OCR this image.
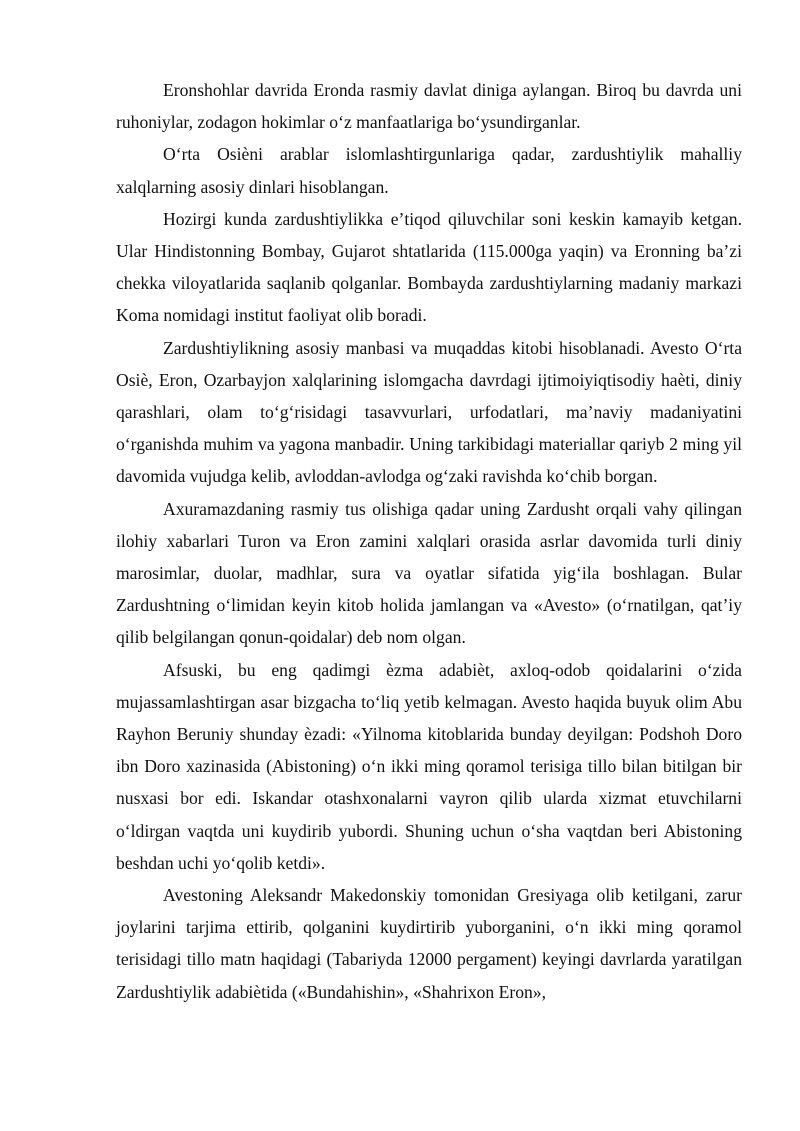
Eronshohlar davrida Eronda rasmiy davlat diniga aylangan. Biroq bu davrda uni ruhoniylar, zodagon hokimlar oʻz manfaatlariga boʻysundirganlar.

Oʻrta Osièni arablar islomlashtirgunlariga qadar, zardushtiylik mahalliy xalqlarning asosiy dinlari hisoblangan.

Hozirgi kunda zardushtiylikka eʼtiqod qiluvchilar soni keskin kamayib ketgan. Ular Hindistonning Bombay, Gujarot shtatlarida (115.000ga yaqin) va Eronning baʼzi chekka viloyatlarida saqlanib qolganlar. Bombayda zardushtiylarning madaniy markazi Koma nomidagi institut faoliyat olib boradi.

Zardushtiylikning asosiy manbasi va muqaddas kitobi hisoblanadi. Avesto Oʻrta Osiè, Eron, Ozarbayjon xalqlarining islomgacha davrdagi ijtimoiyiqtisodiy haèti, diniy qarashlari, olam toʻgʻrisidagi tasavvurlari, urfodatlari, maʼnaviy madaniyatini oʻrganishda muhim va yagona manbadir. Uning tarkibidagi materiallar qariyb 2 ming yil davomida vujudga kelib, avloddan-avlodga ogʻzaki ravishda koʻchib borgan.

Axuramazdaning rasmiy tus olishiga qadar uning Zardusht orqali vahy qilingan ilohiy xabarlari Turon va Eron zamini xalqlari orasida asrlar davomida turli diniy marosimlar, duolar, madhlar, sura va oyatlar sifatida yigʻila boshlagan. Bular Zardushtning oʻlimidan keyin kitob holida jamlangan va «Avesto» (oʻrnatilgan, qatʼiy qilib belgilangan qonun-qoidalar) deb nom olgan.

Afsuski, bu eng qadimgi èzma adabièt, axloq-odob qoidalarini oʻzida mujassamlashtirgan asar bizgacha toʻliq yetib kelmagan. Avesto haqida buyuk olim Abu Rayhon Beruniy shunday èzadi: «Yilnoma kitoblarida bunday deyilgan: Podshoh Doro ibn Doro xazinasida (Abistoning) oʻn ikki ming qoramol terisiga tillo bilan bitilgan bir nusxasi bor edi. Iskandar otashxonalarni vayron qilib ularda xizmat etuvchilarni oʻldirgan vaqtda uni kuydirib yubordi. Shuning uchun oʻsha vaqtdan beri Abistoning beshdan uchi yoʻqolib ketdi».

Avestoning Aleksandr Makedonskiy tomonidan Gresiyaga olib ketilgani, zarur joylarini tarjima ettirib, qolganini kuydirtirib yuborganini, oʻn ikki ming qoramol terisidagi tillo matn haqidagi (Tabariyda 12000 pergament) keyingi davrlarda yaratilgan Zardushtiylik adabiètida («Bundahishin», «Shahrixon Eron»,
